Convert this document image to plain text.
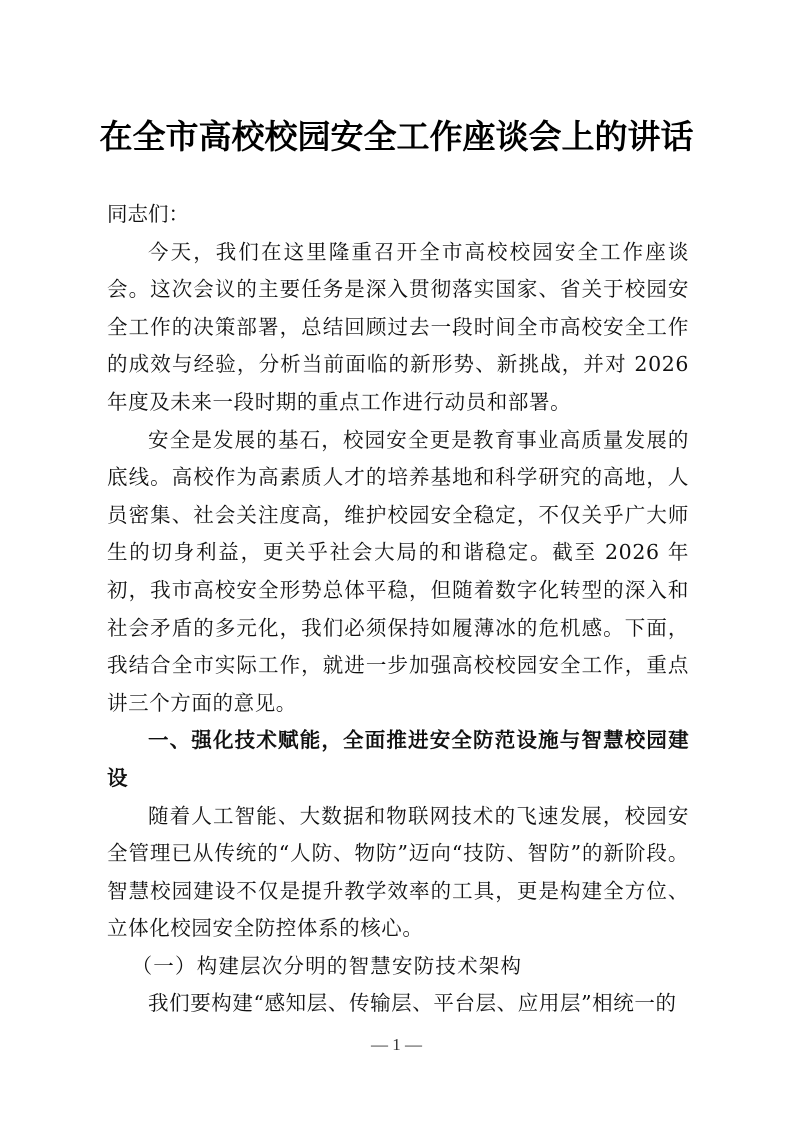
在全市高校校园安全工作座谈会上的讲话

同志们：

今天，我们在这里隆重召开全市高校校园安全工作座谈会。这次会议的主要任务是深入贯彻落实国家、省关于校园安全工作的决策部署，总结回顾过去一段时间全市高校安全工作的成效与经验，分析当前面临的新形势、新挑战，并对 2026 年度及未来一段时期的重点工作进行动员和部署。

安全是发展的基石，校园安全更是教育事业高质量发展的底线。高校作为高素质人才的培养基地和科学研究的高地，人员密集、社会关注度高，维护校园安全稳定，不仅关乎广大师生的切身利益，更关乎社会大局的和谐稳定。截至 2026 年初，我市高校安全形势总体平稳，但随着数字化转型的深入和社会矛盾的多元化，我们必须保持如履薄冰的危机感。下面，我结合全市实际工作，就进一步加强高校校园安全工作，重点讲三个方面的意见。

一、强化技术赋能，全面推进安全防范设施与智慧校园建设

随着人工智能、大数据和物联网技术的飞速发展，校园安全管理已从传统的“人防、物防”迈向“技防、智防”的新阶段。智慧校园建设不仅是提升教学效率的工具，更是构建全方位、立体化校园安全防控体系的核心。

（一）构建层次分明的智慧安防技术架构

我们要构建“感知层、传输层、平台层、应用层”相统一的

— 1 —
